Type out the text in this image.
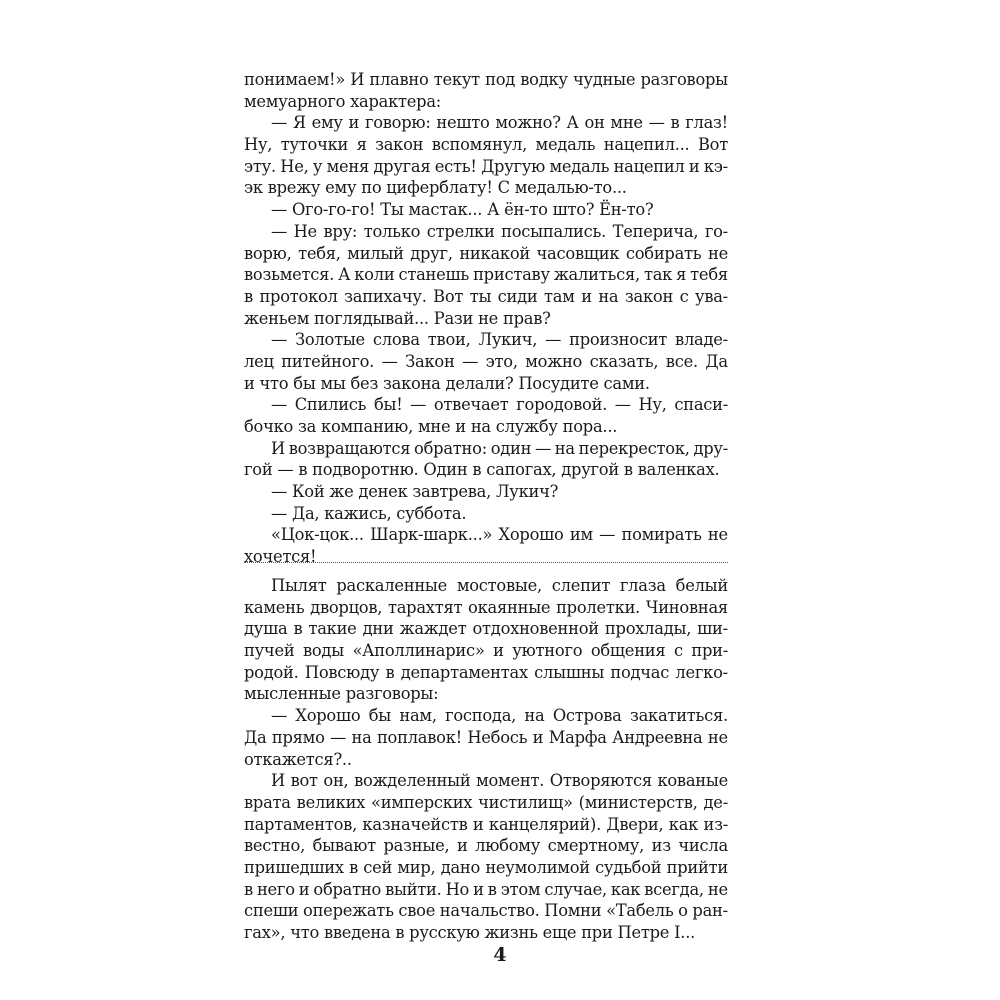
понимаем!» И плавно текут под водку чудные разговоры
мемуарного характера:
— Я ему и говорю: нешто можно? А он мне — в глаз!
Ну, туточки я закон вспомянул, медаль нацепил... Вот
эту. Не, у меня другая есть! Другую медаль нацепил и кэ-
эк врежу ему по циферблату! С медалью-то...
— Ого-го-го! Ты мастак... А ён-то што? Ён-то?
— Не вру: только стрелки посыпались. Теперича, го-
ворю, тебя, милый друг, никакой часовщик собирать не
возьмется. А коли станешь приставу жалиться, так я тебя
в протокол запихачу. Вот ты сиди там и на закон с ува-
женьем поглядывай... Рази не прав?
— Золотые слова твои, Лукич, — произносит владе-
лец питейного. — Закон — это, можно сказать, все. Да
и что бы мы без закона делали? Посудите сами.
— Спились бы! — отвечает городовой. — Ну, спаси-
бочко за компанию, мне и на службу пора...
И возвращаются обратно: один — на перекресток, дру-
гой — в подворотню. Один в сапогах, другой в валенках.
— Кой же денек завтрева, Лукич?
— Да, кажись, суббота.
«Цок-цок... Шарк-шарк...» Хорошо им — помирать не
хочется!
Пылят раскаленные мостовые, слепит глаза белый
камень дворцов, тарахтят окаянные пролетки. Чиновная
душа в такие дни жаждет отдохновенной прохлады, ши-
пучей воды «Аполлинарис» и уютного общения с при-
родой. Повсюду в департаментах слышны подчас легко-
мысленные разговоры:
— Хорошо бы нам, господа, на Острова закатиться.
Да прямо — на поплавок! Небось и Марфа Андреевна не
откажется?..
И вот он, вожделенный момент. Отворяются кованые
врата великих «имперских чистилищ» (министерств, де-
партаментов, казначейств и канцелярий). Двери, как из-
вестно, бывают разные, и любому смертному, из числа
пришедших в сей мир, дано неумолимой судьбой прийти
в него и обратно выйти. Но и в этом случае, как всегда, не
спеши опережать свое начальство. Помни «Табель о ран-
гах», что введена в русскую жизнь еще при Петре I...
4
